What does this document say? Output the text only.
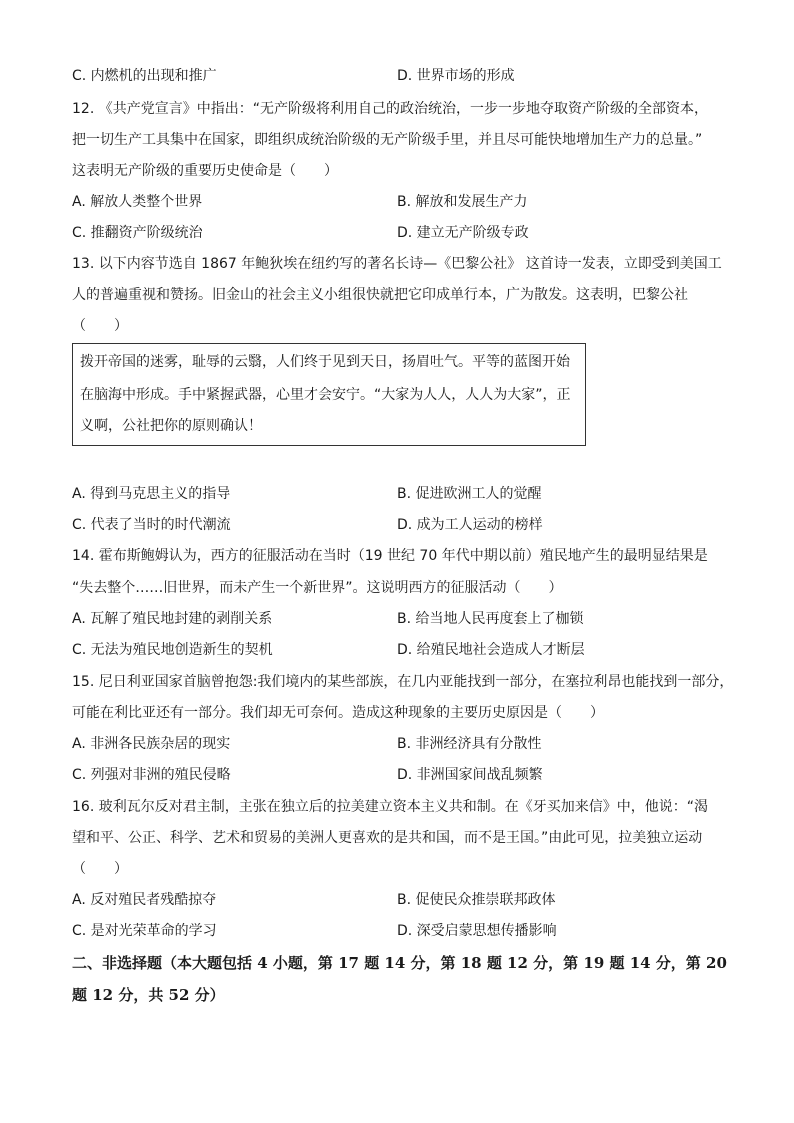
C. 内燃机的出现和推广	D. 世界市场的形成
12. 《共产党宣言》中指出：“无产阶级将利用自己的政治统治，一步一步地夺取资产阶级的全部资本，
把一切生产工具集中在国家，即组织成统治阶级的无产阶级手里，并且尽可能快地增加生产力的总量。”
这表明无产阶级的重要历史使命是（　　）
A. 解放人类整个世界	B. 解放和发展生产力
C. 推翻资产阶级统治	D. 建立无产阶级专政
13. 以下内容节选自 1867 年鲍狄埃在纽约写的著名长诗—《巴黎公社》 这首诗一发表，立即受到美国工
人的普遍重视和赞扬。旧金山的社会主义小组很快就把它印成单行本，广为散发。这表明，巴黎公社
（　　）
拨开帝国的迷雾，耻辱的云翳，人们终于见到天日，扬眉吐气。平等的蓝图开始
在脑海中形成。手中紧握武器，心里才会安宁。“大家为人人，人人为大家”，正
义啊，公社把你的原则确认！
A. 得到马克思主义的指导	B. 促进欧洲工人的觉醒
C. 代表了当时的时代潮流	D. 成为工人运动的榜样
14. 霍布斯鲍姆认为，西方的征服活动在当时（19 世纪 70 年代中期以前）殖民地产生的最明显结果是
“失去整个……旧世界，而未产生一个新世界”。这说明西方的征服活动（　　）
A. 瓦解了殖民地封建的剥削关系	B. 给当地人民再度套上了枷锁
C. 无法为殖民地创造新生的契机	D. 给殖民地社会造成人才断层
15. 尼日利亚国家首脑曾抱怨:我们境内的某些部族，在几内亚能找到一部分，在塞拉利昂也能找到一部分，
可能在利比亚还有一部分。我们却无可奈何。造成这种现象的主要历史原因是（　　）
A. 非洲各民族杂居的现实	B. 非洲经济具有分散性
C. 列强对非洲的殖民侵略	D. 非洲国家间战乱频繁
16. 玻利瓦尔反对君主制，主张在独立后的拉美建立资本主义共和制。在《牙买加来信》中，他说：“渴
望和平、公正、科学、艺术和贸易的美洲人更喜欢的是共和国，而不是王国。”由此可见，拉美独立运动
（　　）
A. 反对殖民者残酷掠夺	B. 促使民众推崇联邦政体
C. 是对光荣革命的学习	D. 深受启蒙思想传播影响
二、非选择题（本大题包括 4 小题，第 17 题 14 分，第 18 题 12 分，第 19 题 14 分，第 20
题 12 分，共 52 分）
